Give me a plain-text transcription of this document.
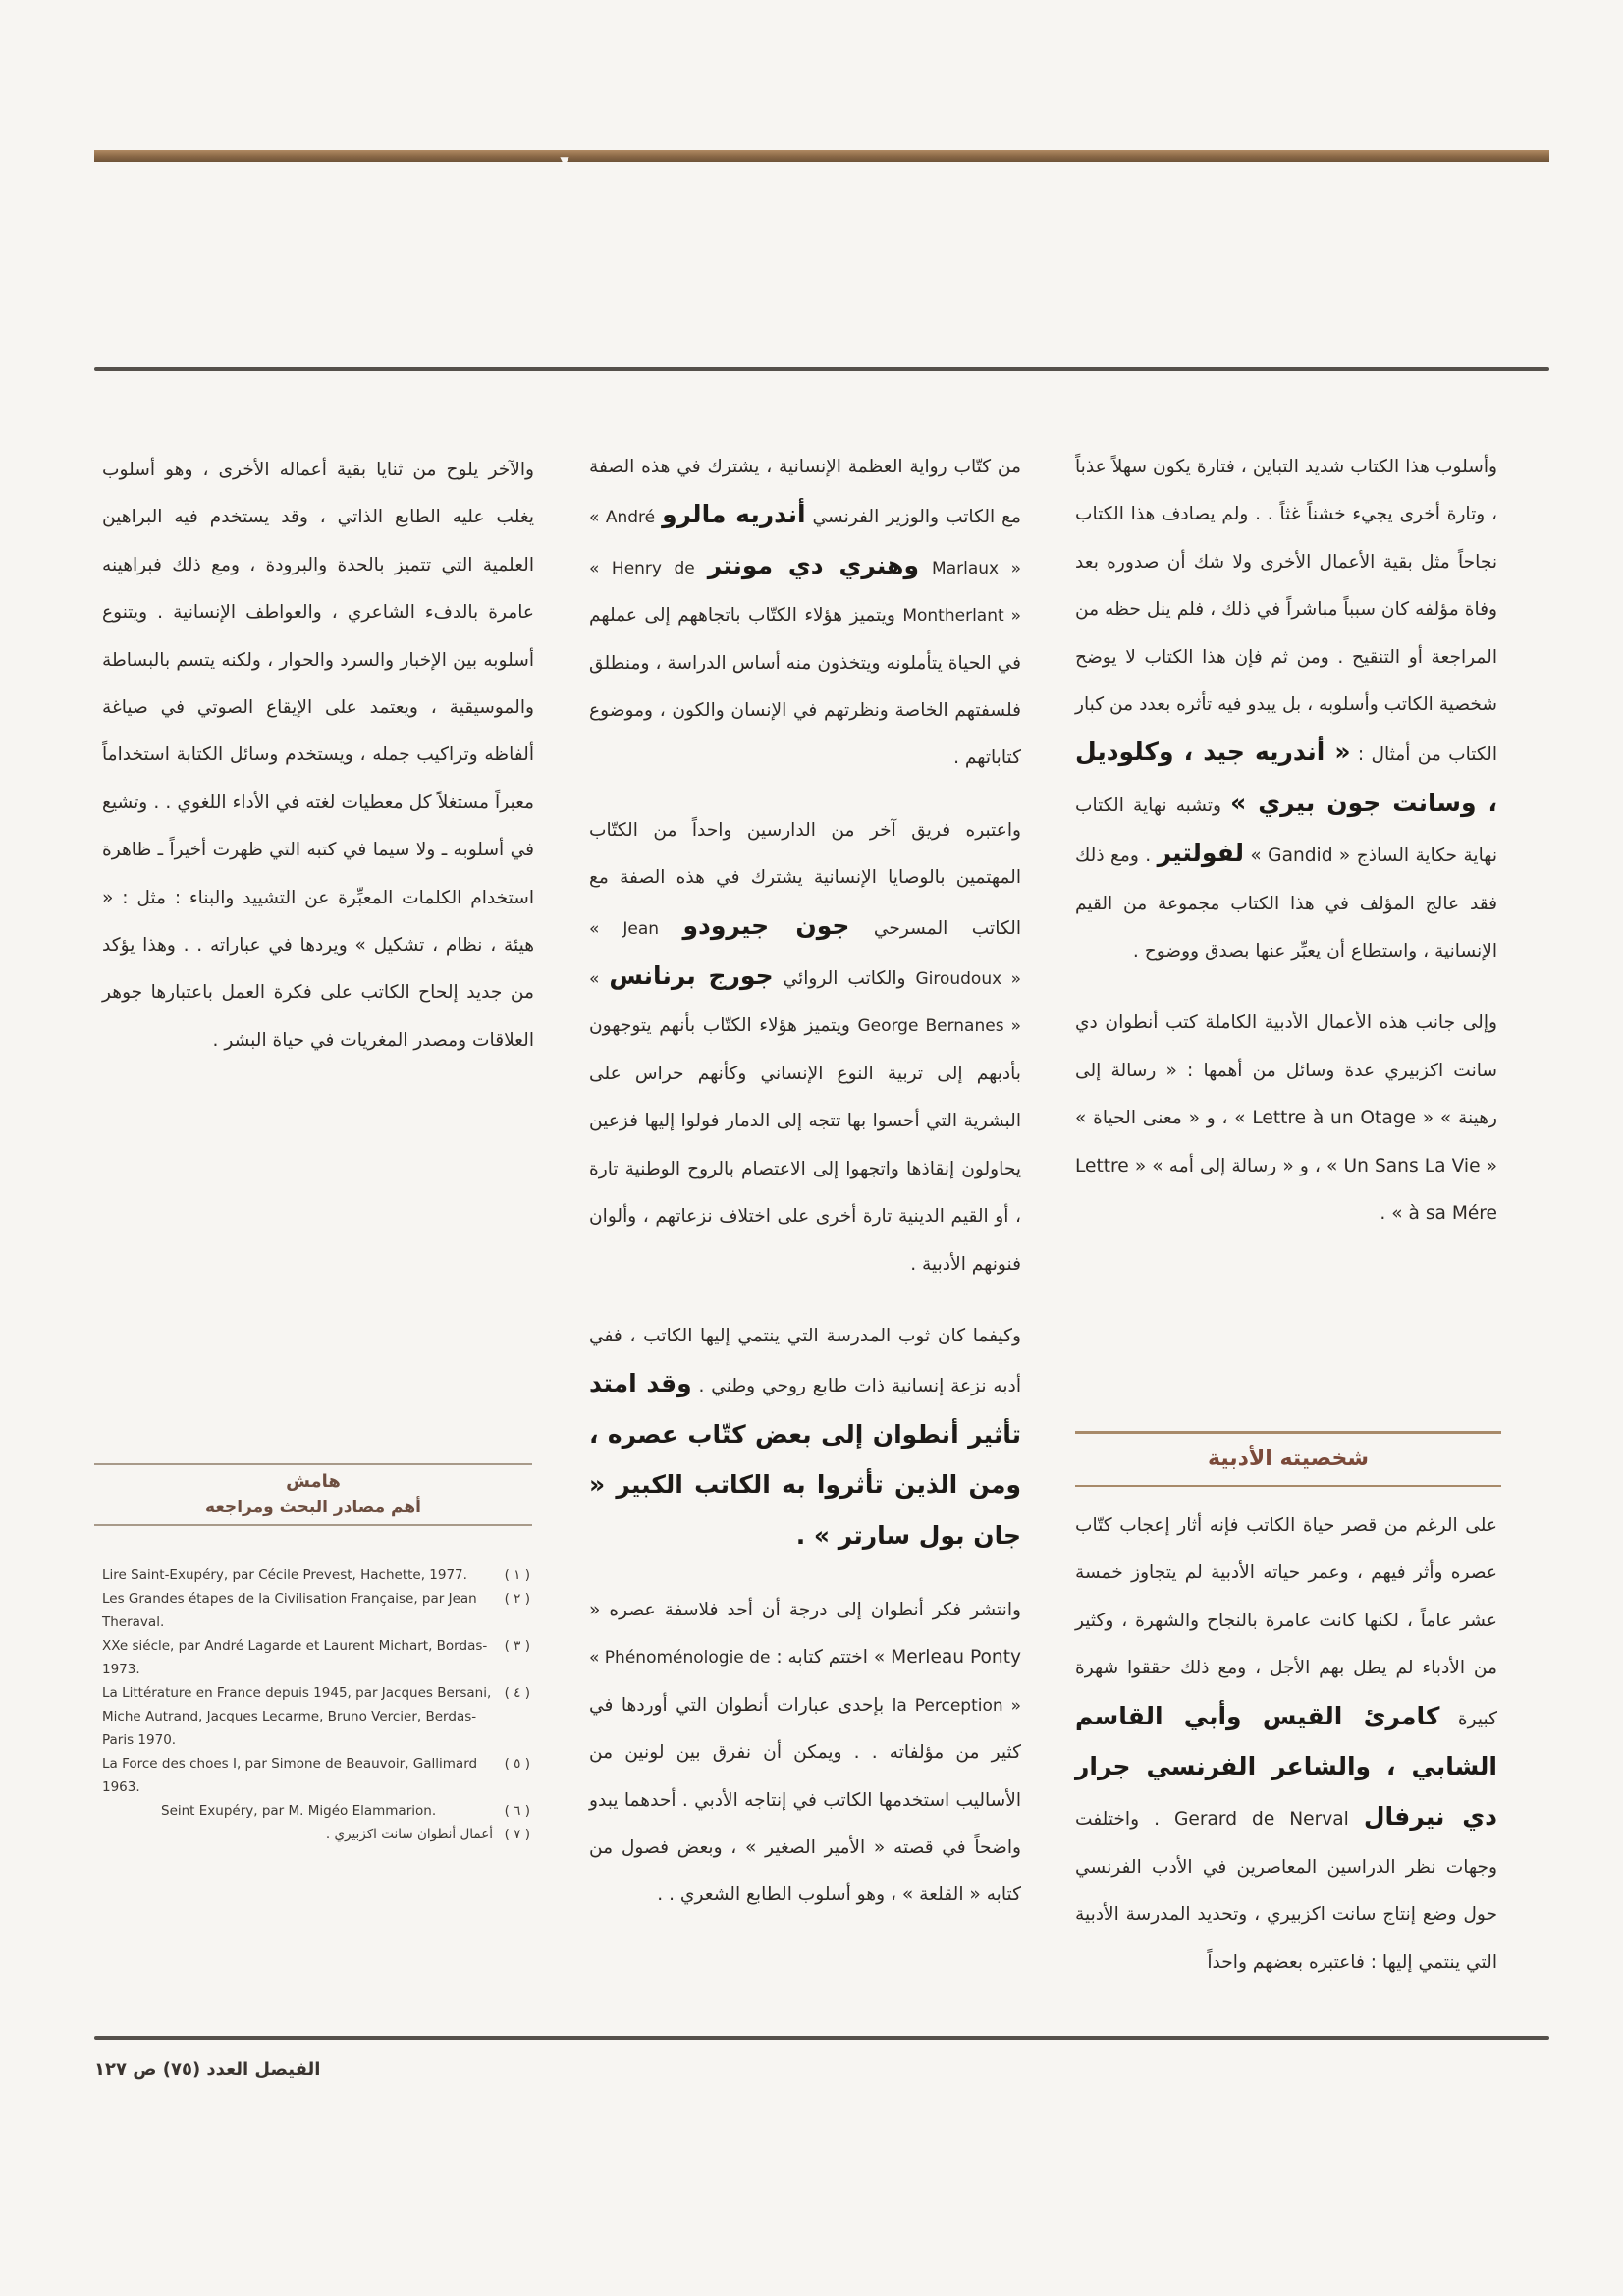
▼

وأسلوب هذا الكتاب شديد التباين ، فتارة يكون سهلاً عذباً ، وتارة أخرى يجيء خشناً غثاً . . ولم يصادف هذا الكتاب نجاحاً مثل بقية الأعمال الأخرى ولا شك أن صدوره بعد وفاة مؤلفه كان سبباً مباشراً في ذلك ، فلم ينل حظه من المراجعة أو التنقيح . ومن ثم فإن هذا الكتاب لا يوضح شخصية الكاتب وأسلوبه ، بل يبدو فيه تأثره بعدد من كبار الكتاب من أمثال : « أندريه جيد ، وكلوديل ، وسانت جون بيري » وتشبه نهاية الكتاب نهاية حكاية الساذج « Gandid » لفولتير . ومع ذلك فقد عالج المؤلف في هذا الكتاب مجموعة من القيم الإنسانية ، واستطاع أن يعبِّر عنها بصدق ووضوح .

وإلى جانب هذه الأعمال الأدبية الكاملة كتب أنطوان دي سانت اكزبيري عدة وسائل من أهمها : « رسالة إلى رهينة » « Lettre à un Otage » ، و « معنى الحياة » « Un Sans La Vie » ، و « رسالة إلى أمه » « Lettre à sa Mére » .

شخصيته الأدبية

على الرغم من قصر حياة الكاتب فإنه أثار إعجاب كتّاب عصره وأثر فيهم ، وعمر حياته الأدبية لم يتجاوز خمسة عشر عاماً ، لكنها كانت عامرة بالنجاح والشهرة ، وكثير من الأدباء لم يطل بهم الأجل ، ومع ذلك حققوا شهرة كبيرة كامرئ القيس وأبي القاسم الشابي ، والشاعر الفرنسي جرار دي نيرفال Gerard de Nerval . واختلفت وجهات نظر الدراسين المعاصرين في الأدب الفرنسي حول وضع إنتاج سانت اكزبيري ، وتحديد المدرسة الأدبية التي ينتمي إليها : فاعتبره بعضهم واحداً

من كتّاب رواية العظمة الإنسانية ، يشترك في هذه الصفة مع الكاتب والوزير الفرنسي أندريه مالرو « André Marlaux » وهنري دي مونتر « Henry de Montherlant » ويتميز هؤلاء الكتّاب باتجاههم إلى عملهم في الحياة يتأملونه ويتخذون منه أساس الدراسة ، ومنطلق فلسفتهم الخاصة ونظرتهم في الإنسان والكون ، وموضوع كتاباتهم .

واعتبره فريق آخر من الدارسين واحداً من الكتّاب المهتمين بالوصايا الإنسانية يشترك في هذه الصفة مع الكاتب المسرحي جون جيرودو « Jean Giroudoux » والكاتب الروائي جورج برنانس « George Bernanes » ويتميز هؤلاء الكتّاب بأنهم يتوجهون بأدبهم إلى تربية النوع الإنساني وكأنهم حراس على البشرية التي أحسوا بها تتجه إلى الدمار فولوا إليها فزعين يحاولون إنقاذها واتجهوا إلى الاعتصام بالروح الوطنية تارة ، أو القيم الدينية تارة أخرى على اختلاف نزعاتهم ، وألوان فنونهم الأدبية .

وكيفما كان ثوب المدرسة التي ينتمي إليها الكاتب ، ففي أدبه نزعة إنسانية ذات طابع روحي وطني . وقد امتد تأثير أنطوان إلى بعض كتّاب عصره ، ومن الذين تأثروا به الكاتب الكبير « جان بول سارتر » .

وانتشر فكر أنطوان إلى درجة أن أحد فلاسفة عصره « Merleau Ponty » اختتم كتابه : « Phénoménologie de la Perception » بإحدى عبارات أنطوان التي أوردها في كثير من مؤلفاته . . ويمكن أن نفرق بين لونين من الأساليب استخدمها الكاتب في إنتاجه الأدبي . أحدهما يبدو واضحاً في قصته « الأمير الصغير » ، وبعض فصول من كتابه « القلعة » ، وهو أسلوب الطابع الشعري . .

والآخر يلوح من ثنايا بقية أعماله الأخرى ، وهو أسلوب يغلب عليه الطابع الذاتي ، وقد يستخدم فيه البراهين العلمية التي تتميز بالحدة والبرودة ، ومع ذلك فبراهينه عامرة بالدفء الشاعري ، والعواطف الإنسانية . ويتنوع أسلوبه بين الإخبار والسرد والحوار ، ولكنه يتسم بالبساطة والموسيقية ، ويعتمد على الإيقاع الصوتي في صياغة ألفاظه وتراكيب جمله ، ويستخدم وسائل الكتابة استخداماً معبراً مستغلاً كل معطيات لغته في الأداء اللغوي . . وتشيع في أسلوبه ـ ولا سيما في كتبه التي ظهرت أخيراً ـ ظاهرة استخدام الكلمات المعبِّرة عن التشييد والبناء : مثل : « هيئة ، نظام ، تشكيل » ويردها في عباراته . . وهذا يؤكد من جديد إلحاح الكاتب على فكرة العمل باعتبارها جوهر العلاقات ومصدر المغريات في حياة البشر .

هامش
أهم مصادر البحث ومراجعه
( ١ )
Lire Saint-Exupéry, par Cécile Prevest, Hachette, 1977.
( ٢ )
Les Grandes étapes de la Civilisation Française, par Jean Theraval.
( ٣ )
XXe siécle, par André Lagarde et Laurent Michart, Bordas-1973.
( ٤ )
La Littérature en France depuis 1945, par Jacques Bersani, Miche Autrand, Jacques Lecarme, Bruno Vercier, Berdas- Paris 1970.
( ٥ )
La Force des choes I, par Simone de Beauvoir, Gallimard 1963.
( ٦ )
Seint Exupéry, par M. Migéo Elammarion.
( ٧ )
أعمال أنطوان سانت اكزبيري .
الفيصل العدد (٧٥) ص ١٢٧
